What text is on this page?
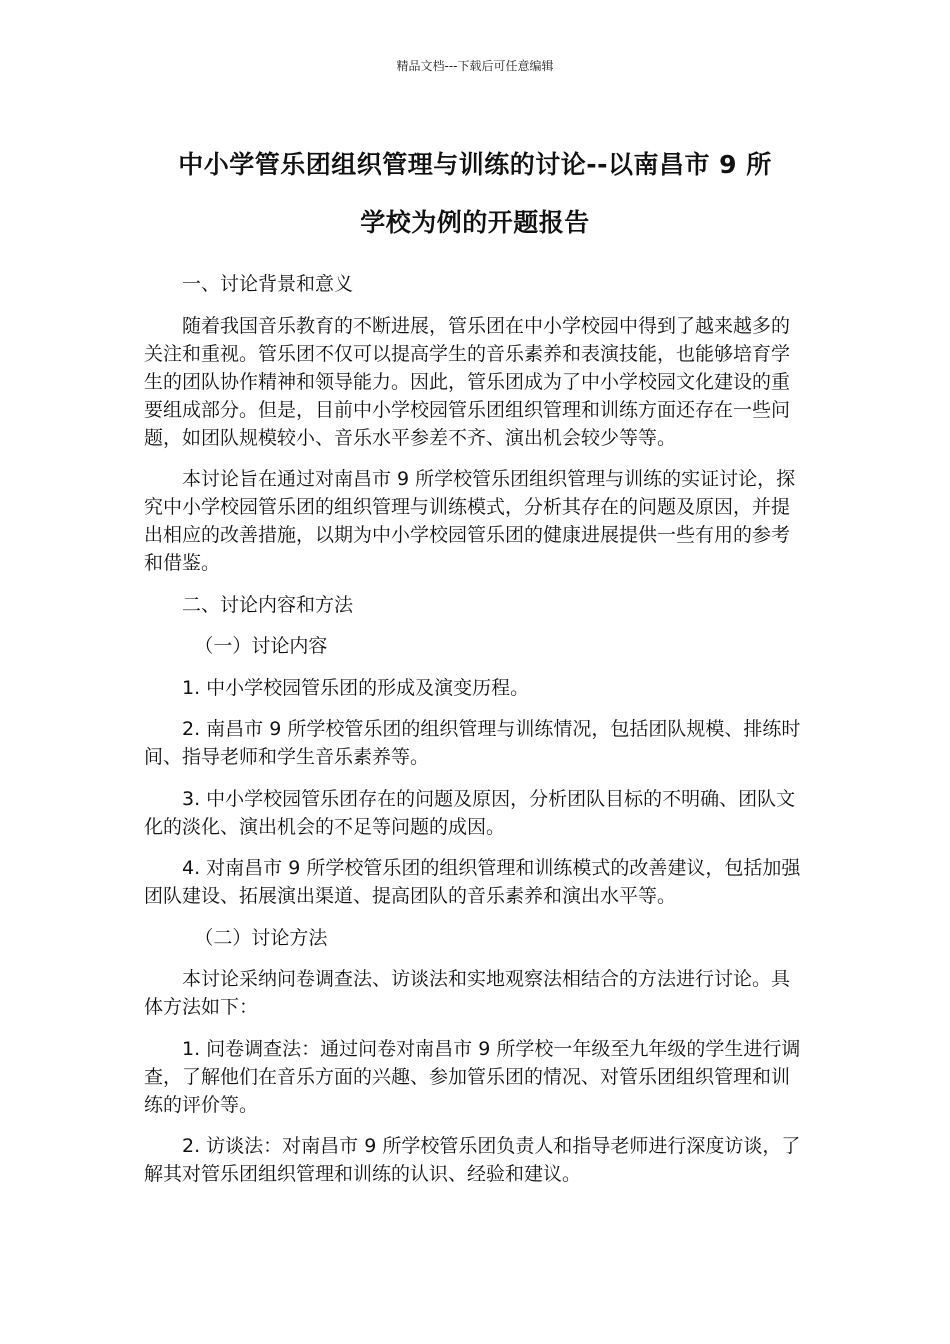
精品文档---下载后可任意编辑
中小学管乐团组织管理与训练的讨论--以南昌市 9 所
学校为例的开题报告

一、讨论背景和意义

随着我国音乐教育的不断进展，管乐团在中小学校园中得到了越来越多的关注和重视。管乐团不仅可以提高学生的音乐素养和表演技能，也能够培育学生的团队协作精神和领导能力。因此，管乐团成为了中小学校园文化建设的重要组成部分。但是，目前中小学校园管乐团组织管理和训练方面还存在一些问题，如团队规模较小、音乐水平参差不齐、演出机会较少等等。

本讨论旨在通过对南昌市 9 所学校管乐团组织管理与训练的实证讨论，探究中小学校园管乐团的组织管理与训练模式，分析其存在的问题及原因，并提出相应的改善措施，以期为中小学校园管乐团的健康进展提供一些有用的参考和借鉴。

二、讨论内容和方法

（一）讨论内容

1. 中小学校园管乐团的形成及演变历程。

2. 南昌市 9 所学校管乐团的组织管理与训练情况，包括团队规模、排练时间、指导老师和学生音乐素养等。

3. 中小学校园管乐团存在的问题及原因，分析团队目标的不明确、团队文化的淡化、演出机会的不足等问题的成因。

4. 对南昌市 9 所学校管乐团的组织管理和训练模式的改善建议，包括加强团队建设、拓展演出渠道、提高团队的音乐素养和演出水平等。

（二）讨论方法

本讨论采纳问卷调查法、访谈法和实地观察法相结合的方法进行讨论。具体方法如下：

1. 问卷调查法：通过问卷对南昌市 9 所学校一年级至九年级的学生进行调查，了解他们在音乐方面的兴趣、参加管乐团的情况、对管乐团组织管理和训练的评价等。

2. 访谈法：对南昌市 9 所学校管乐团负责人和指导老师进行深度访谈，了解其对管乐团组织管理和训练的认识、经验和建议。
